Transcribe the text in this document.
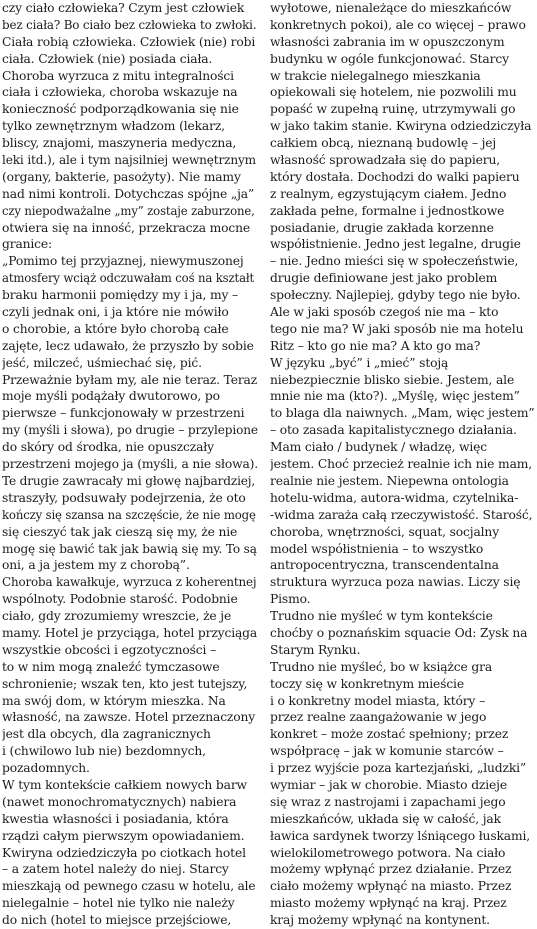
czy ciało człowieka? Czym jest człowiek
bez ciała? Bo ciało bez człowieka to zwłoki.
Ciała robią człowieka. Człowiek (nie) robi
ciała. Człowiek (nie) posiada ciała.
Choroba wyrzuca z mitu integralności
ciała i człowieka, choroba wskazuje na
konieczność podporządkowania się nie
tylko zewnętrznym władzom (lekarz,
bliscy, znajomi, maszyneria medyczna,
leki itd.), ale i tym najsilniej wewnętrznym
(organy, bakterie, pasożyty). Nie mamy
nad nimi kontroli. Dotychczas spójne „ja”
czy niepodważalne „my” zostaje zaburzone,
otwiera się na inność, przekracza mocne
granice:
„Pomimo tej przyjaznej, niewymuszonej
atmosfery wciąż odczuwałam coś na kształt
braku harmonii pomiędzy my i ja, my –
czyli jednak oni, i ja które nie mówiło
o chorobie, a które było chorobą całe
zajęte, lecz udawało, że przyszło by sobie
jeść, milczeć, uśmiechać się, pić.
Przeważnie byłam my, ale nie teraz. Teraz
moje myśli podążały dwutorowo, po
pierwsze – funkcjonowały w przestrzeni
my (myśli i słowa), po drugie – przylepione
do skóry od środka, nie opuszczały
przestrzeni mojego ja (myśli, a nie słowa).
Te drugie zawracały mi głowę najbardziej,
straszyły, podsuwały podejrzenia, że oto
kończy się szansa na szczęście, że nie mogę
się cieszyć tak jak cieszą się my, że nie
mogę się bawić tak jak bawią się my. To są
oni, a ja jestem my z chorobą”.
Choroba kawałkuje, wyrzuca z koherentnej
wspólnoty. Podobnie starość. Podobnie
ciało, gdy zrozumiemy wreszcie, że je
mamy. Hotel je przyciąga, hotel przyciąga
wszystkie obcości i egzotyczności –
to w nim mogą znaleźć tymczasowe
schronienie; wszak ten, kto jest tutejszy,
ma swój dom, w którym mieszka. Na
własność, na zawsze. Hotel przeznaczony
jest dla obcych, dla zagranicznych
i (chwilowo lub nie) bezdomnych,
pozadomnych.
W tym kontekście całkiem nowych barw
(nawet monochromatycznych) nabiera
kwestia własności i posiadania, która
rządzi całym pierwszym opowiadaniem.
Kwiryna odziedziczyła po ciotkach hotel
– a zatem hotel należy do niej. Starcy
mieszkają od pewnego czasu w hotelu, ale
nielegalnie – hotel nie tylko nie należy
do nich (hotel to miejsce przejściowe,
wyłotowe, nienależące do mieszkańców
konkretnych pokoi), ale co więcej – prawo
własności zabrania im w opuszczonym
budynku w ogóle funkcjonować. Starcy
w trakcie nielegalnego mieszkania
opiekowali się hotelem, nie pozwolili mu
popaść w zupełną ruinę, utrzymywali go
w jako takim stanie. Kwiryna odziedziczyła
całkiem obcą, nieznaną budowlę – jej
własność sprowadzała się do papieru,
który dostała. Dochodzi do walki papieru
z realnym, egzystującym ciałem. Jedno
zakłada pełne, formalne i jednostkowe
posiadanie, drugie zakłada korzenne
współistnienie. Jedno jest legalne, drugie
– nie. Jedno mieści się w społeczeństwie,
drugie definiowane jest jako problem
społeczny. Najlepiej, gdyby tego nie było.
Ale w jaki sposób czegoś nie ma – kto
tego nie ma? W jaki sposób nie ma hotelu
Ritz – kto go nie ma? A kto go ma?
W języku „być” i „mieć” stoją
niebezpiecznie blisko siebie. Jestem, ale
mnie nie ma (kto?). „Myślę, więc jestem”
to blaga dla naiwnych. „Mam, więc jestem”
– oto zasada kapitalistycznego działania.
Mam ciało / budynek / władzę, więc
jestem. Choć przecież realnie ich nie mam,
realnie nie jestem. Niepewna ontologia
hotelu-widma, autora-widma, czytelnika-
-widma zaraża całą rzeczywistość. Starość,
choroba, wnętrzności, squat, socjalny
model współistnienia – to wszystko
antropocentryczna, transcendentalna
struktura wyrzuca poza nawias. Liczy się
Pismo.
Trudno nie myśleć w tym kontekście
choćby o poznańskim squacie Od: Zysk na
Starym Rynku.
Trudno nie myśleć, bo w książce gra
toczy się w konkretnym mieście
i o konkretny model miasta, który –
przez realne zaangażowanie w jego
konkret – może zostać spełniony; przez
współpracę – jak w komunie starców –
i przez wyjście poza kartezjański, „ludzki”
wymiar – jak w chorobie. Miasto dzieje
się wraz z nastrojami i zapachami jego
mieszkańców, układa się w całość, jak
ławica sardynek tworzy lśniącego łuskami,
wielokilometrowego potwora. Na ciało
możemy wpłynąć przez działanie. Przez
ciało możemy wpłynąć na miasto. Przez
miasto możemy wpłynąć na kraj. Przez
kraj możemy wpłynąć na kontynent.
